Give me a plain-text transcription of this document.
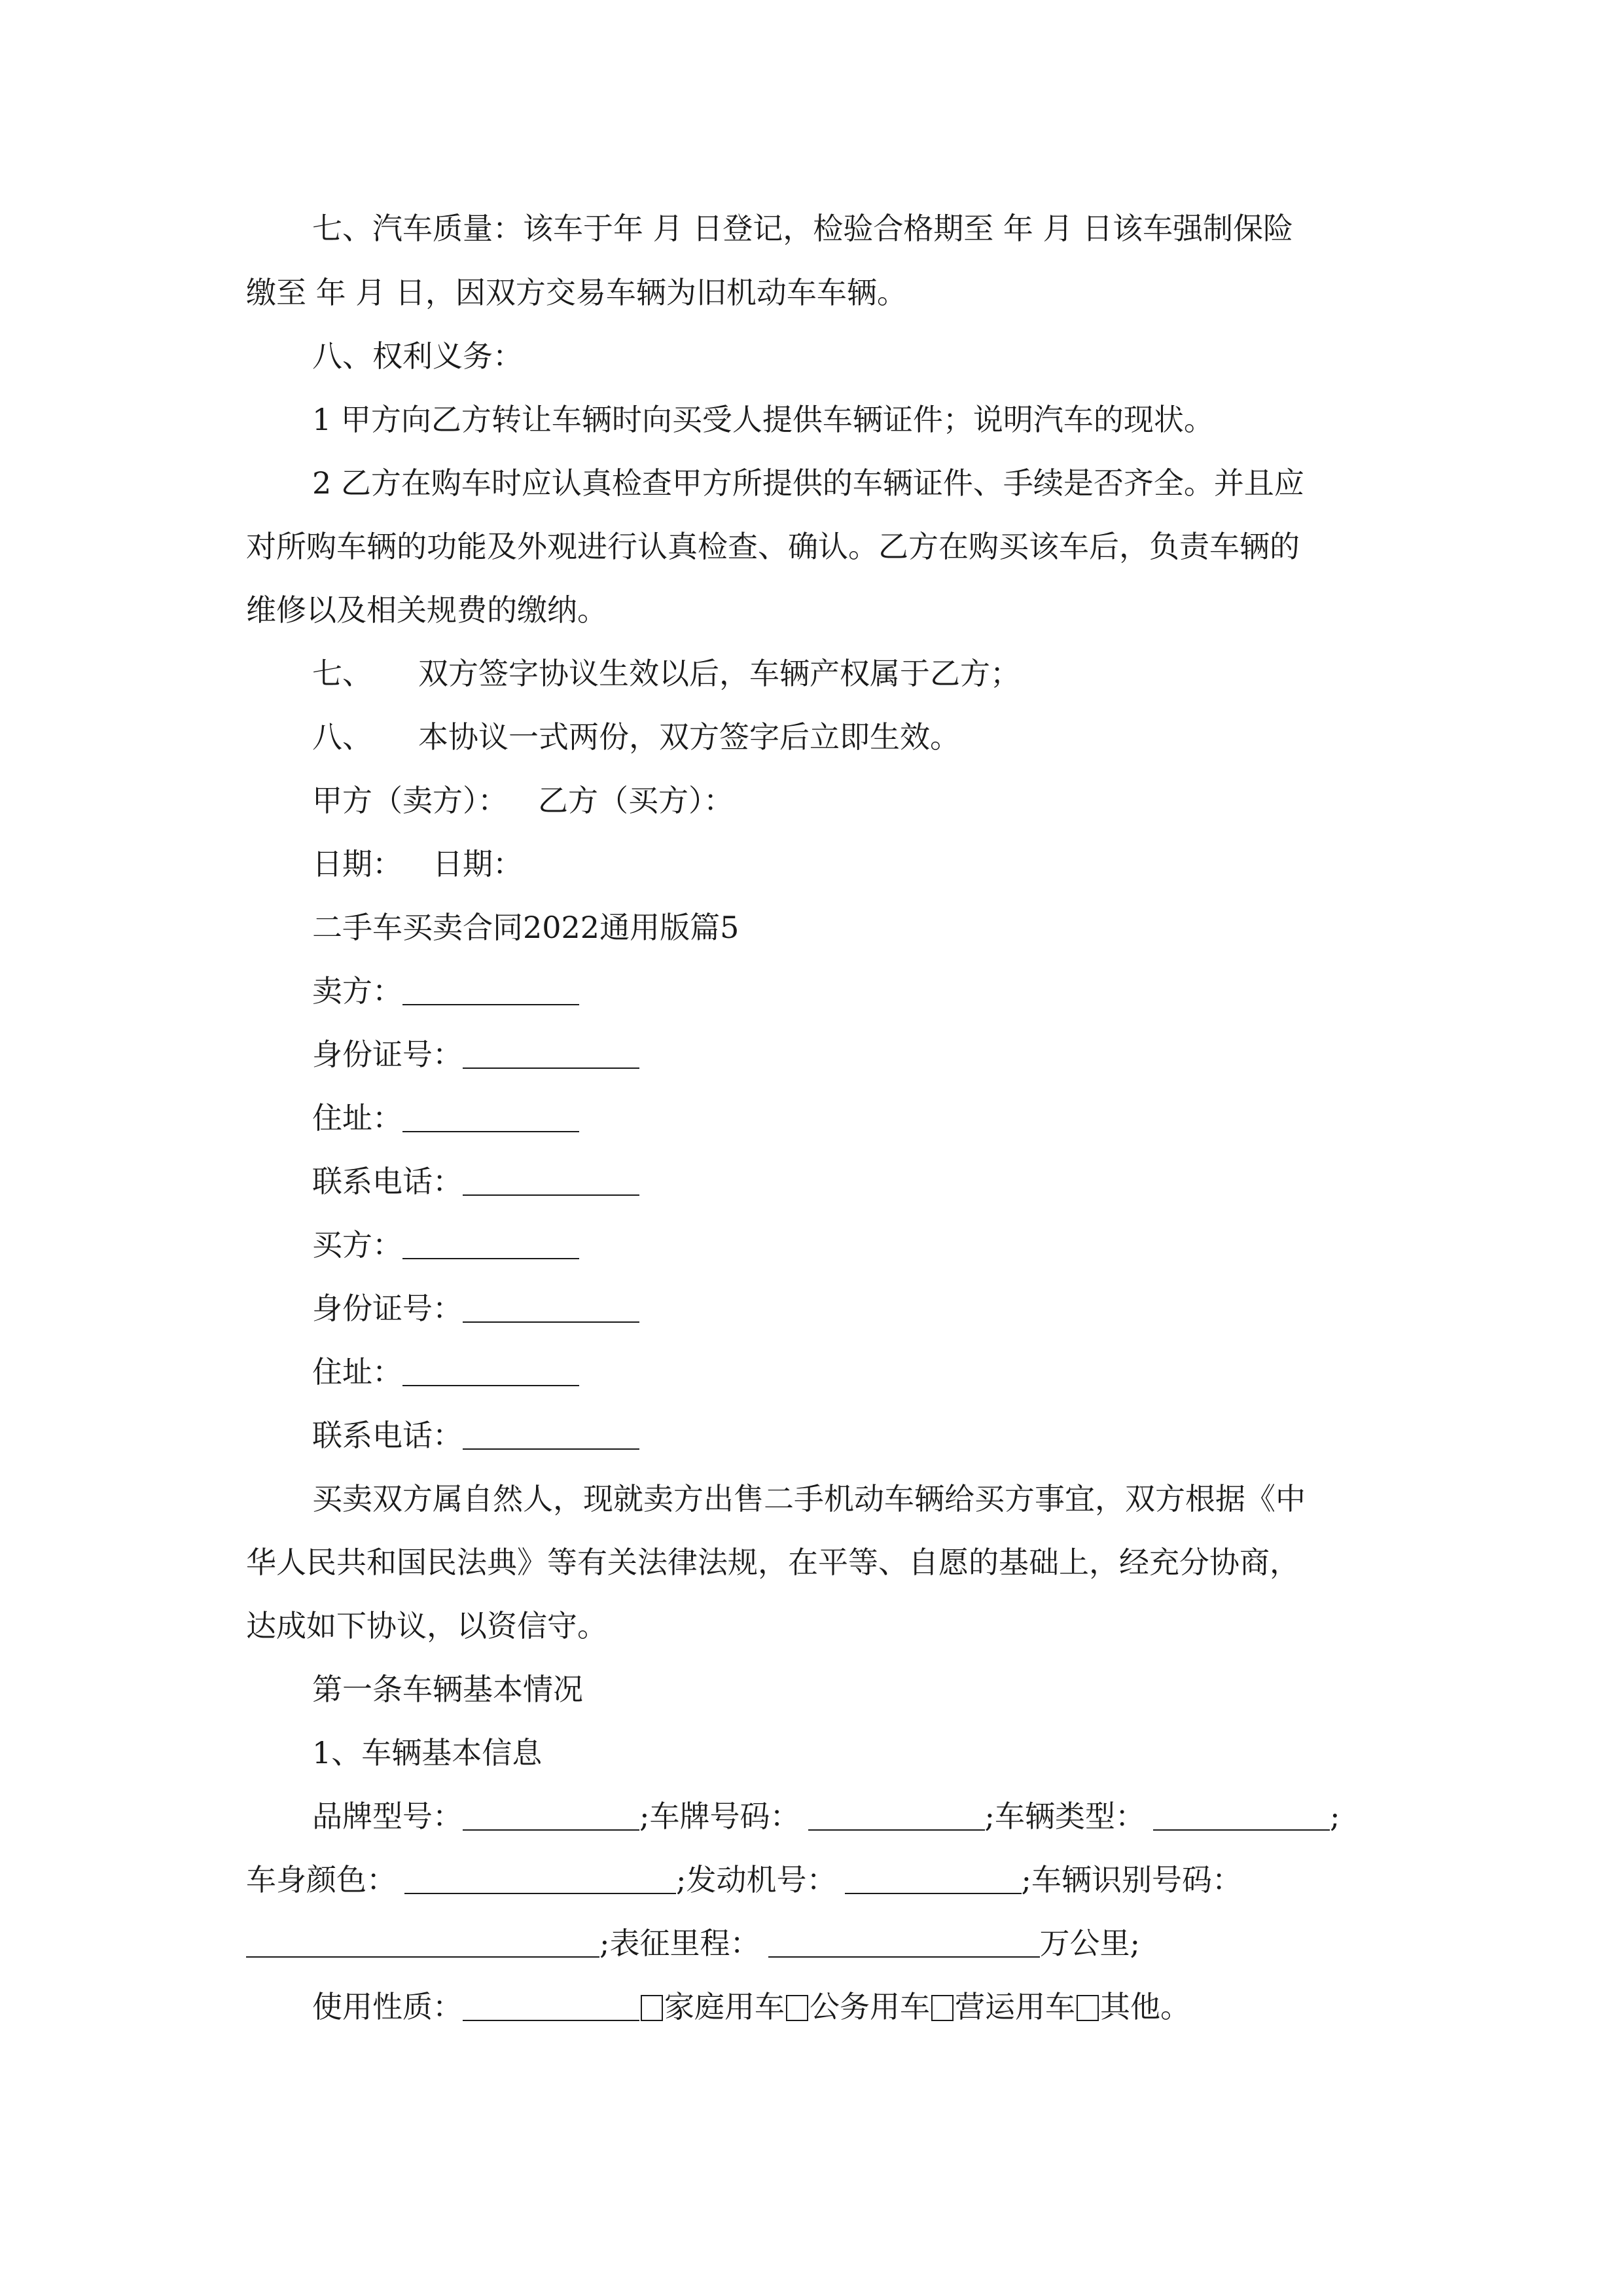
七、汽车质量：该车于年 月 日登记，检验合格期至 年 月 日该车强制保险
缴至 年 月 日，因双方交易车辆为旧机动车车辆。
八、权利义务：
1 甲方向乙方转让车辆时向买受人提供车辆证件；说明汽车的现状。
2 乙方在购车时应认真检查甲方所提供的车辆证件、手续是否齐全。并且应
对所购车辆的功能及外观进行认真检查、确认。乙方在购买该车后，负责车辆的
维修以及相关规费的缴纳。
七、 双方签字协议生效以后，车辆产权属于乙方；
八、 本协议一式两份，双方签字后立即生效。
甲方（卖方）： 乙方（买方）：
日期： 日期：
二手车买卖合同2022通用版篇5
卖方：
身份证号：
住址：
联系电话：
买方：
身份证号：
住址：
联系电话：
买卖双方属自然人，现就卖方出售二手机动车辆给买方事宜，双方根据《中
华人民共和国民法典》等有关法律法规，在平等、自愿的基础上，经充分协商，
达成如下协议，以资信守。
第一条车辆基本情况
1、车辆基本信息
品牌型号：	;车牌号码：	;车辆类型：	;
车身颜色：	;发动机号：	;车辆识别号码：
;表征里程：	万公里;
使用性质：	家庭用车 公务用车 营运用车 其他。
